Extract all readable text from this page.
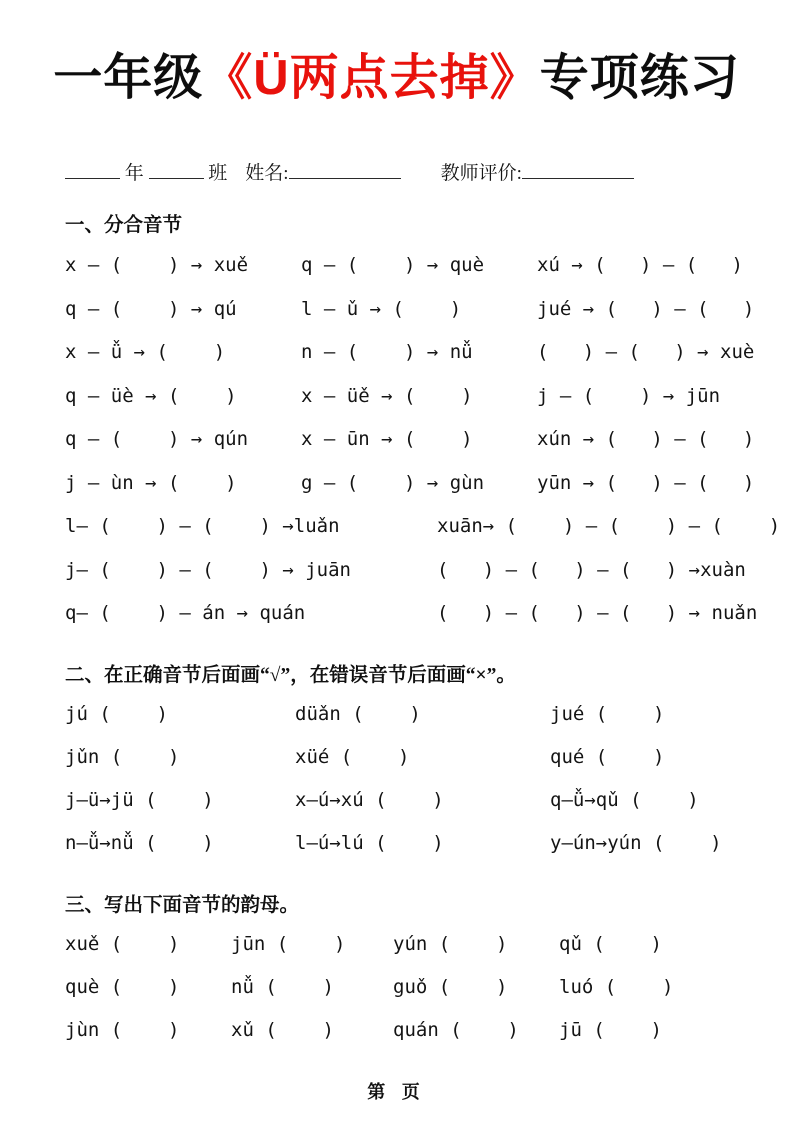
一年级《Ü两点去掉》专项练习
年	班 姓名:	教师评价:
一、分合音节
x — (    ) → xuě	q — (    ) → què	xú → (   ) — (   )
q — (    ) → qú	l — ǔ → (    )	jué → (   ) — (   )
x — ǚ → (    )	n — (    ) → nǚ	(   ) — (   ) → xuè
q — üè → (    )	x — üě → (    )	j — (    ) → jūn
q — (    ) → qún	x — ūn → (    )	xún → (   ) — (   )
j — ùn → (    )	g — (    ) → gùn	yūn → (   ) — (   )
l— (    ) — (    ) →luǎn	xuān→ (    ) — (    ) — (    )
j— (    ) — (    ) → juān	(   ) — (   ) — (   ) →xuàn
q— (    ) — án → quán	(   ) — (   ) — (   ) → nuǎn
二、在正确音节后面画“√”，在错误音节后面画“×”。
jú (    )	düǎn (    )	jué (    )
jǔn (    )	xüé (    )	qué (    )
j—ü→jü (    )	x—ú→xú (    )	q—ǚ→qǔ (    )
n—ǚ→nǚ (    )	l—ú→lú (    )	y—ún→yún (    )
三、写出下面音节的韵母。
xuě (    )	jūn (    )	yún (    )	qǔ (    )
què (    )	nǚ (    )	guǒ (    )	luó (    )
jùn (    )	xǔ (    )	quán (    )	jū (    )
第 页
